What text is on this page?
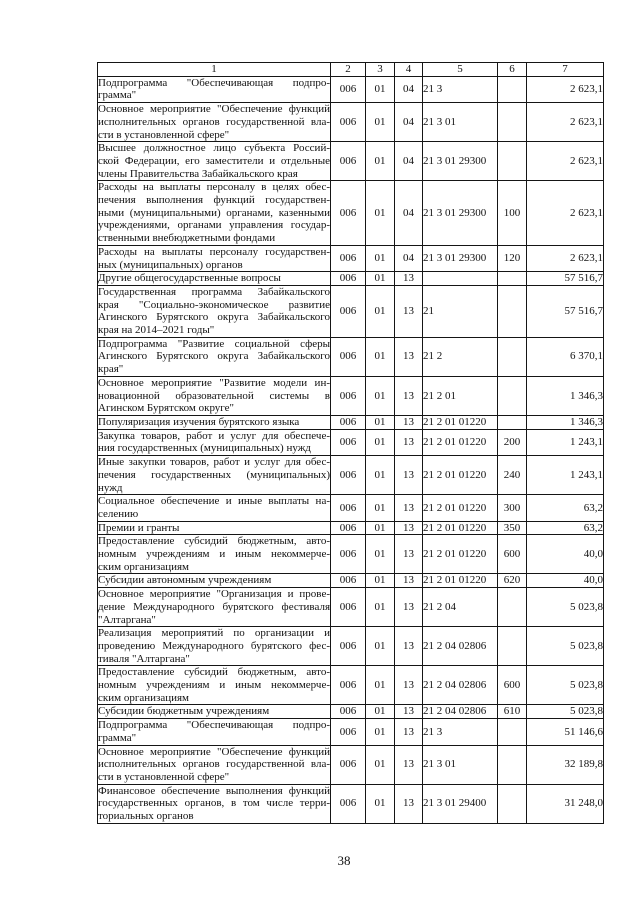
1	2	3	4	5	6	7

Подпрограмма "Обеспечивающая подпро-
грамма"	006	01	04	21 3		2 623,1

Основное мероприятие "Обеспечение функций
исполнительных органов государственной вла-
сти в установленной сфере"	006	01	04	21 3 01		2 623,1

Высшее должностное лицо субъекта Россий-
ской Федерации, его заместители и отдельные
члены Правительства Забайкальского края	006	01	04	21 3 01 29300		2 623,1

Расходы на выплаты персоналу в целях обес-
печения выполнения функций государствен-
ными (муниципальными) органами, казенными
учреждениями, органами управления государ-
ственными внебюджетными фондами	006	01	04	21 3 01 29300	100	2 623,1

Расходы на выплаты персоналу государствен-
ных (муниципальных) органов	006	01	04	21 3 01 29300	120	2 623,1

Другие общегосударственные вопросы	006	01	13			57 516,7

Государственная программа Забайкальского
края "Социально-экономическое развитие
Агинского Бурятского округа Забайкальского
края на 2014–2021 годы"	006	01	13	21		57 516,7

Подпрограмма "Развитие социальной сферы
Агинского Бурятского округа Забайкальского
края"	006	01	13	21 2		6 370,1

Основное мероприятие "Развитие модели ин-
новационной образовательной системы в
Агинском Бурятском округе"	006	01	13	21 2 01		1 346,3

Популяризация изучения бурятского языка	006	01	13	21 2 01 01220		1 346,3

Закупка товаров, работ и услуг для обеспече-
ния государственных (муниципальных) нужд	006	01	13	21 2 01 01220	200	1 243,1

Иные закупки товаров, работ и услуг для обес-
печения государственных (муниципальных)
нужд	006	01	13	21 2 01 01220	240	1 243,1

Социальное обеспечение и иные выплаты на-
селению	006	01	13	21 2 01 01220	300	63,2

Премии и гранты	006	01	13	21 2 01 01220	350	63,2

Предоставление субсидий бюджетным, авто-
номным учреждениям и иным некоммерче-
ским организациям	006	01	13	21 2 01 01220	600	40,0

Субсидии автономным учреждениям	006	01	13	21 2 01 01220	620	40,0

Основное мероприятие "Организация и прове-
дение Международного бурятского фестиваля
"Алтаргана"	006	01	13	21 2 04		5 023,8

Реализация мероприятий по организации и
проведению Международного бурятского фес-
тиваля "Алтаргана"	006	01	13	21 2 04 02806		5 023,8

Предоставление субсидий бюджетным, авто-
номным учреждениям и иным некоммерче-
ским организациям	006	01	13	21 2 04 02806	600	5 023,8

Субсидии бюджетным учреждениям	006	01	13	21 2 04 02806	610	5 023,8

Подпрограмма "Обеспечивающая подпро-
грамма"	006	01	13	21 3		51 146,6

Основное мероприятие "Обеспечение функций
исполнительных органов государственной вла-
сти в установленной сфере"	006	01	13	21 3 01		32 189,8

Финансовое обеспечение выполнения функций
государственных органов, в том числе терри-
ториальных органов	006	01	13	21 3 01 29400		31 248,0
38
